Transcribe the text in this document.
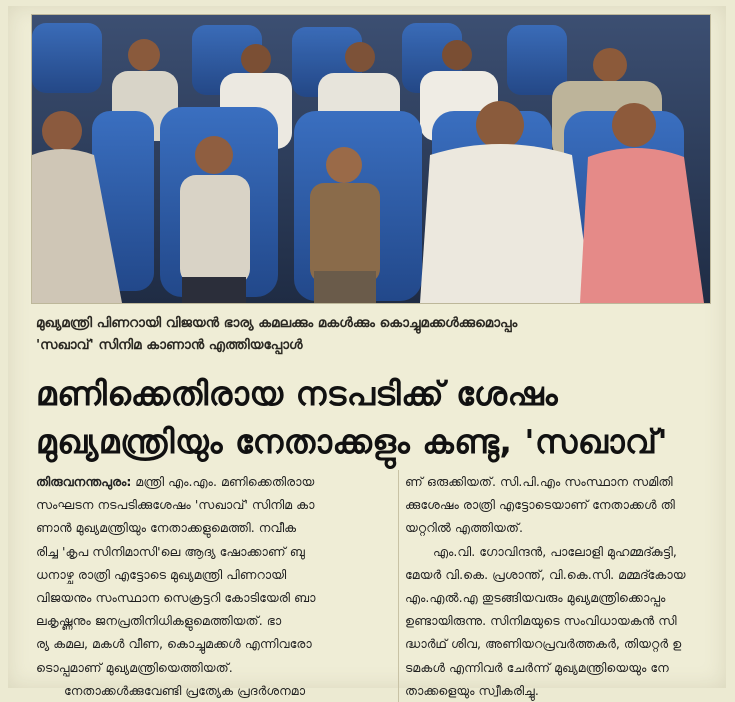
മുഖ്യമന്ത്രി പിണറായി വിജയൻ ഭാര്യ കമലക്കും മകൾക്കും കൊച്ചുമക്കൾക്കുമൊപ്പം
'സഖാവ്' സിനിമ കാണാൻ എത്തിയപ്പോൾ
മണിക്കെതിരായ നടപടിക്ക് ശേഷം
മുഖ്യമന്ത്രിയും നേതാക്കളും കണ്ടു, 'സഖാവ്'
തിരുവനന്തപുരം: മന്ത്രി എം.എം. മണിക്കെതിരായ
സംഘടന നടപടിക്കുശേഷം 'സഖാവ്' സിനിമ കാ
ണാൻ മുഖ്യമന്ത്രിയും നേതാക്കളുമെത്തി. നവീക
രിച്ച 'കൃപ സിനിമാസി'ലെ ആദ്യ ഷോക്കാണ് ബു
ധനാഴ്ച രാത്രി എട്ടോടെ മുഖ്യമന്ത്രി പിണറായി
വിജയനും സംസ്ഥാന സെക്രട്ടറി കോടിയേരി ബാ
ലകൃഷ്ണനും ജനപ്രതിനിധികളുമെത്തിയത്. ഭാ
ര്യ കമല, മകൾ വീണ, കൊച്ചുമക്കൾ എന്നിവരോ
ടൊപ്പമാണ് മുഖ്യമന്ത്രിയെത്തിയത്.
നേതാക്കൾക്കുവേണ്ടി പ്രത്യേക പ്രദർശനമാ
ണ് ഒരുക്കിയത്. സി.പി.എം സംസ്ഥാന സമിതി
ക്കുശേഷം രാത്രി എട്ടോടെയാണ് നേതാക്കൾ തി
യറ്ററിൽ എത്തിയത്.
എം.വി. ഗോവിന്ദൻ, പാലോളി മുഹമ്മദ്കുട്ടി,
മേയർ വി.കെ. പ്രശാന്ത്, വി.കെ.സി. മമ്മദ്കോയ
എം.എൽ.എ തുടങ്ങിയവരും മുഖ്യമന്ത്രിക്കൊപ്പം
ഉണ്ടായിരുന്നു. സിനിമയുടെ സംവിധായകൻ സി
ദ്ധാർഥ് ശിവ, അണിയറപ്രവർത്തകർ, തിയറ്റർ ഉ
ടമകൾ എന്നിവർ ചേർന്ന് മുഖ്യമന്ത്രിയെയും നേ
താക്കളെയും സ്വീകരിച്ചു.
